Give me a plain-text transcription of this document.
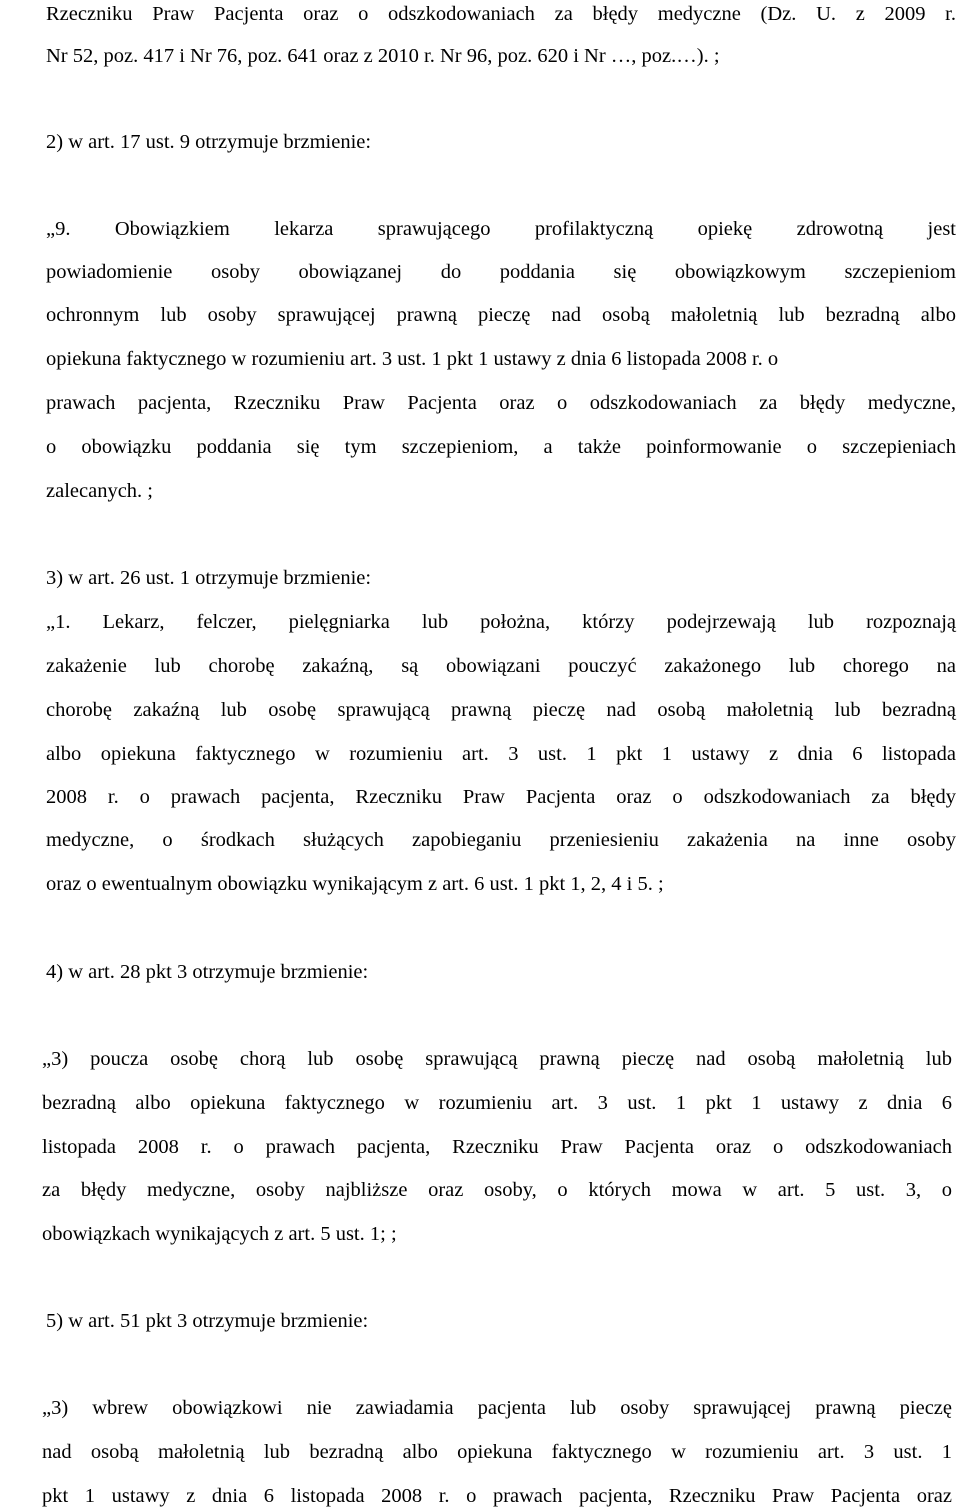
Rzeczniku Praw Pacjenta oraz o odszkodowaniach za błędy medyczne (Dz. U. z 2009 r.
Nr 52, poz. 417 i Nr 76, poz. 641 oraz z 2010 r. Nr 96, poz. 620 i Nr …, poz.…). ;
2) w art. 17 ust. 9 otrzymuje brzmienie:
„9. Obowiązkiem lekarza sprawującego profilaktyczną opiekę zdrowotną jest
powiadomienie osoby obowiązanej do poddania się obowiązkowym szczepieniom
ochronnym lub osoby sprawującej prawną pieczę nad osobą małoletnią lub bezradną albo
opiekuna faktycznego w rozumieniu art. 3 ust. 1 pkt 1 ustawy z dnia 6 listopada 2008 r. o
prawach pacjenta, Rzeczniku Praw Pacjenta oraz o odszkodowaniach za błędy medyczne,
o obowiązku poddania się tym szczepieniom, a także poinformowanie o szczepieniach
zalecanych. ;
3) w art. 26 ust. 1 otrzymuje brzmienie:
„1. Lekarz, felczer, pielęgniarka lub położna, którzy podejrzewają lub rozpoznają
zakażenie lub chorobę zakaźną, są obowiązani pouczyć zakażonego lub chorego na
chorobę zakaźną lub osobę sprawującą prawną pieczę nad osobą małoletnią lub bezradną
albo opiekuna faktycznego w rozumieniu art. 3 ust. 1 pkt 1 ustawy z dnia 6 listopada
2008 r. o prawach pacjenta, Rzeczniku Praw Pacjenta oraz o odszkodowaniach za błędy
medyczne, o środkach służących zapobieganiu przeniesieniu zakażenia na inne osoby
oraz o ewentualnym obowiązku wynikającym z art. 6 ust. 1 pkt 1, 2, 4 i 5. ;
4) w art. 28 pkt 3 otrzymuje brzmienie:
„3) poucza osobę chorą lub osobę sprawującą prawną pieczę nad osobą małoletnią lub
bezradną albo opiekuna faktycznego w rozumieniu art. 3 ust. 1 pkt 1 ustawy z dnia 6
listopada 2008 r. o prawach pacjenta, Rzeczniku Praw Pacjenta oraz o odszkodowaniach
za błędy medyczne, osoby najbliższe oraz osoby, o których mowa w art. 5 ust. 3, o
obowiązkach wynikających z art. 5 ust. 1; ;
5) w art. 51 pkt 3 otrzymuje brzmienie:
„3) wbrew obowiązkowi nie zawiadamia pacjenta lub osoby sprawującej prawną pieczę
nad osobą małoletnią lub bezradną albo opiekuna faktycznego w rozumieniu art. 3 ust. 1
pkt 1 ustawy z dnia 6 listopada 2008 r. o prawach pacjenta, Rzeczniku Praw Pacjenta oraz
